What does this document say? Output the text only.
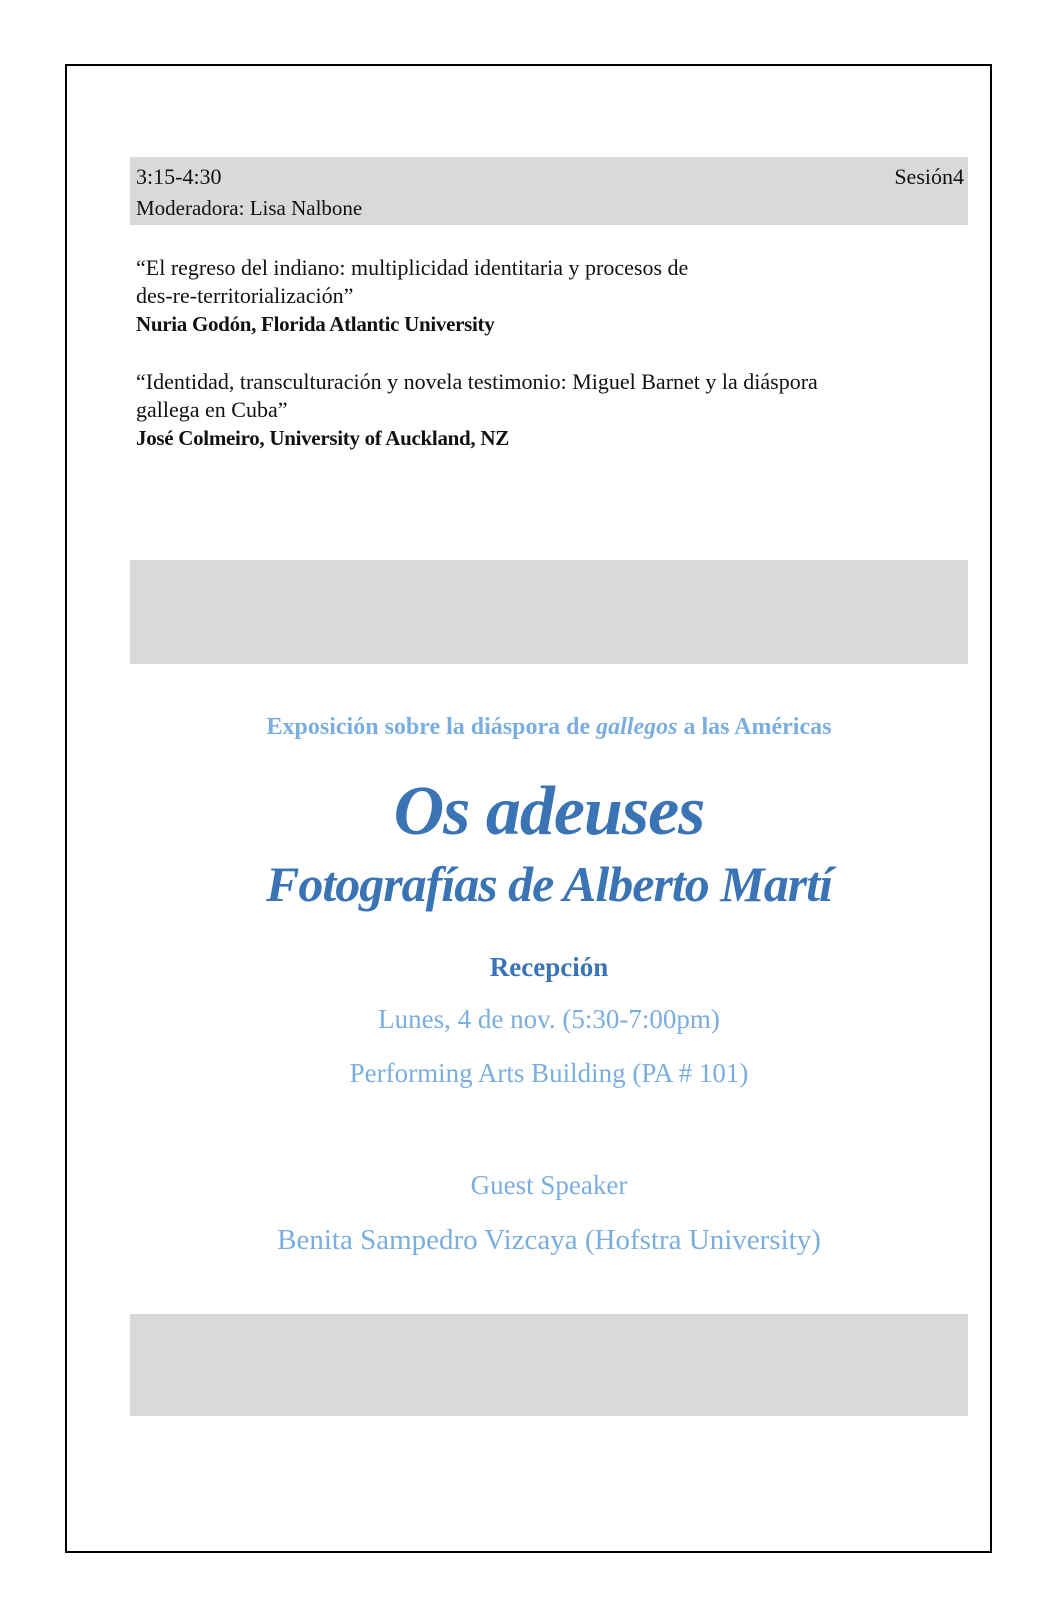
3:15-4:30	Sesión4
Moderadora: Lisa Nalbone
“El regreso del indiano: multiplicidad identitaria y procesos de
des-re-territorialización”
Nuria Godón, Florida Atlantic University
“Identidad, transculturación y novela testimonio: Miguel Barnet y la diáspora
gallega en Cuba”
José Colmeiro, University of Auckland, NZ
Exposición sobre la diáspora de gallegos a las Américas
Os adeuses
Fotografías de Alberto Martí
Recepción
Lunes, 4 de nov. (5:30-7:00pm)
Performing Arts Building (PA # 101)
Guest Speaker
Benita Sampedro Vizcaya (Hofstra University)
